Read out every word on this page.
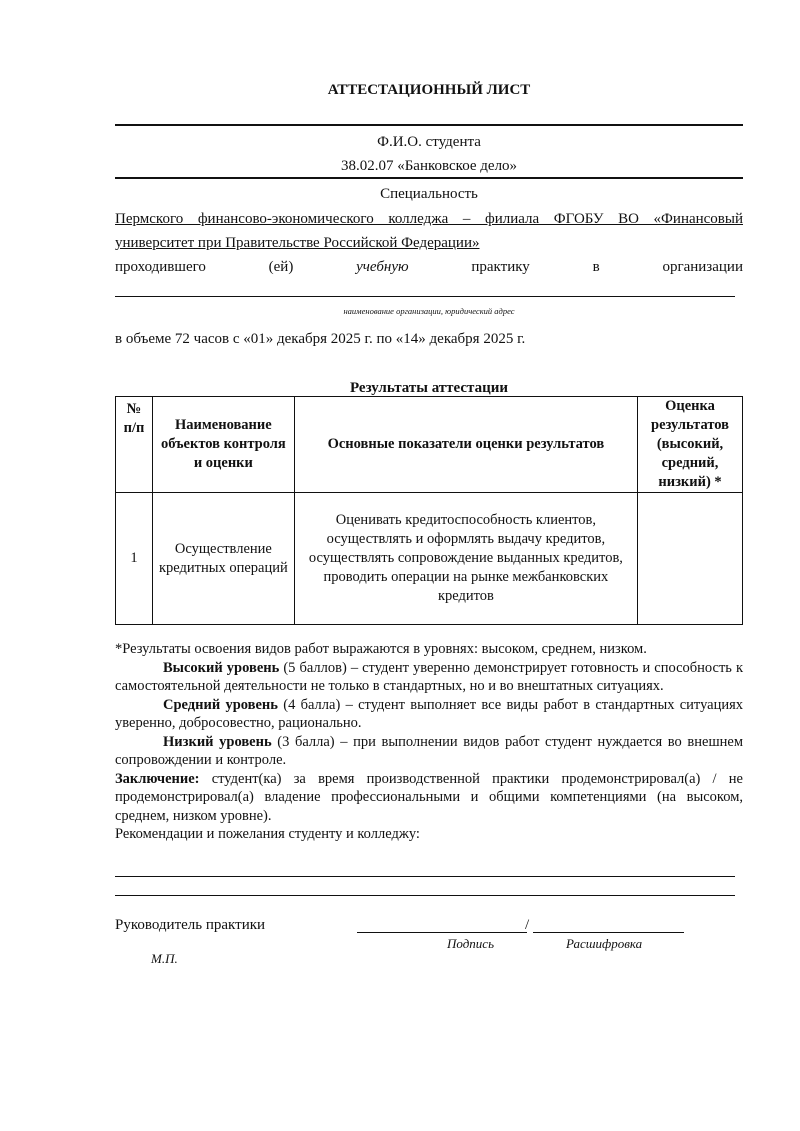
АТТЕСТАЦИОННЫЙ ЛИСТ
Ф.И.О. студента
38.02.07 «Банковское дело»
Специальность
Пермского финансово-экономического колледжа – филиала ФГОБУ ВО «Финансовый университет при Правительстве Российской Федерации»
проходившего	(ей)	учебную	практику	в	организации
наименование организации, юридический адрес
в объеме 72 часов с «01» декабря 2025 г. по «14» декабря 2025 г.
Результаты аттестации
№ п/п	Наименование объектов контроля и оценки	Основные показатели оценки результатов	Оценка результатов (высокий, средний, низкий) *
1	Осуществление кредитных операций	Оценивать кредитоспособность клиентов, осуществлять и оформлять выдачу кредитов, осуществлять сопровождение выданных кредитов, проводить операции на рынке межбанковских кредитов	

*Результаты освоения видов работ выражаются в уровнях: высоком, среднем, низком.

Высокий уровень (5 баллов) – студент уверенно демонстрирует готовность и способность к самостоятельной деятельности не только в стандартных, но и во внештатных ситуациях.

Средний уровень (4 балла) – студент выполняет все виды работ в стандартных ситуациях уверенно, добросовестно, рационально.

Низкий уровень (3 балла) – при выполнении видов работ студент нуждается во внешнем сопровождении и контроле.

Заключение: студент(ка) за время производственной практики продемонстрировал(а) / не продемонстрировал(а) владение профессиональными и общими компетенциями (на высоком, среднем, низком уровне).

Рекомендации и пожелания студенту и колледжу:

Руководитель практики	/
Подпись	Расшифровка
М.П.
